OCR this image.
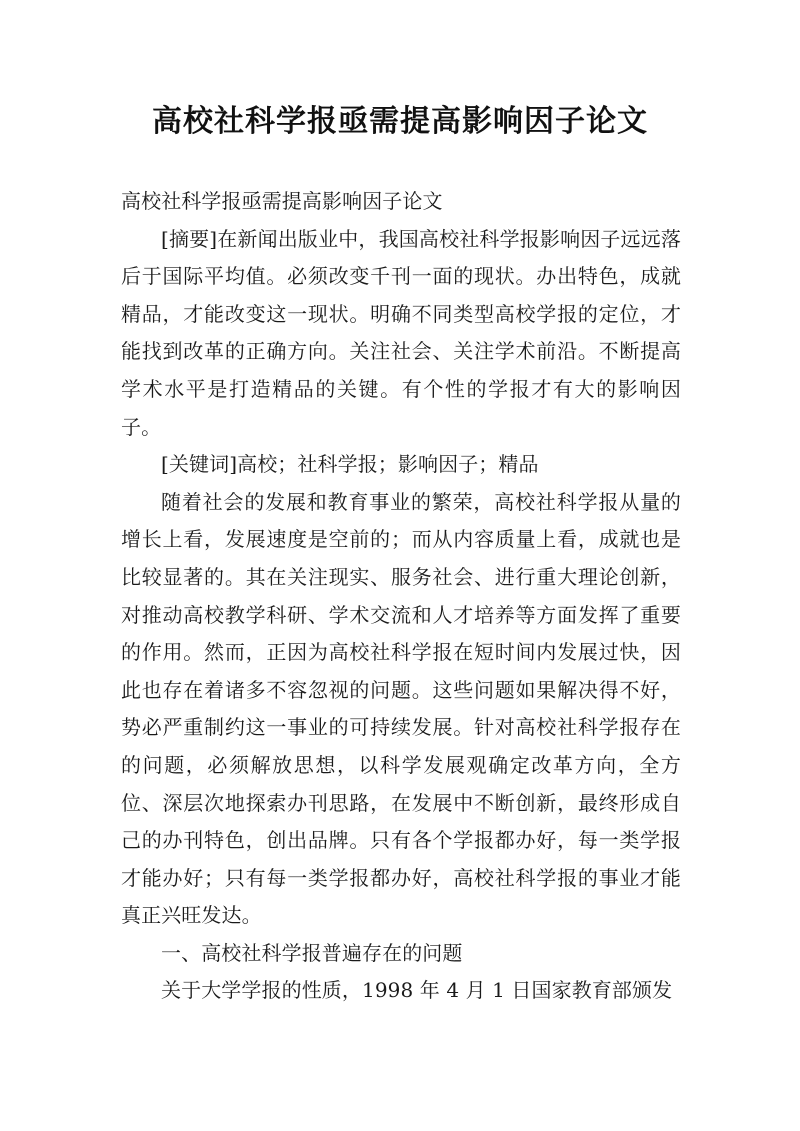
高校社科学报亟需提高影响因子论文

高校社科学报亟需提高影响因子论文

[摘要]在新闻出版业中，我国高校社科学报影响因子远远落后于国际平均值。必须改变千刊一面的现状。办出特色，成就精品，才能改变这一现状。明确不同类型高校学报的定位，才能找到改革的正确方向。关注社会、关注学术前沿。不断提高学术水平是打造精品的关键。有个性的学报才有大的影响因子。

[关键词]高校；社科学报；影响因子；精品

随着社会的发展和教育事业的繁荣，高校社科学报从量的增长上看，发展速度是空前的；而从内容质量上看，成就也是比较显著的。其在关注现实、服务社会、进行重大理论创新，对推动高校教学科研、学术交流和人才培养等方面发挥了重要的作用。然而，正因为高校社科学报在短时间内发展过快，因此也存在着诸多不容忽视的问题。这些问题如果解决得不好，势必严重制约这一事业的可持续发展。针对高校社科学报存在的问题，必须解放思想，以科学发展观确定改革方向，全方位、深层次地探索办刊思路，在发展中不断创新，最终形成自己的办刊特色，创出品牌。只有各个学报都办好，每一类学报才能办好；只有每一类学报都办好，高校社科学报的事业才能真正兴旺发达。

一、高校社科学报普遍存在的问题

关于大学学报的性质，1998 年 4 月 1 日国家教育部颁发
